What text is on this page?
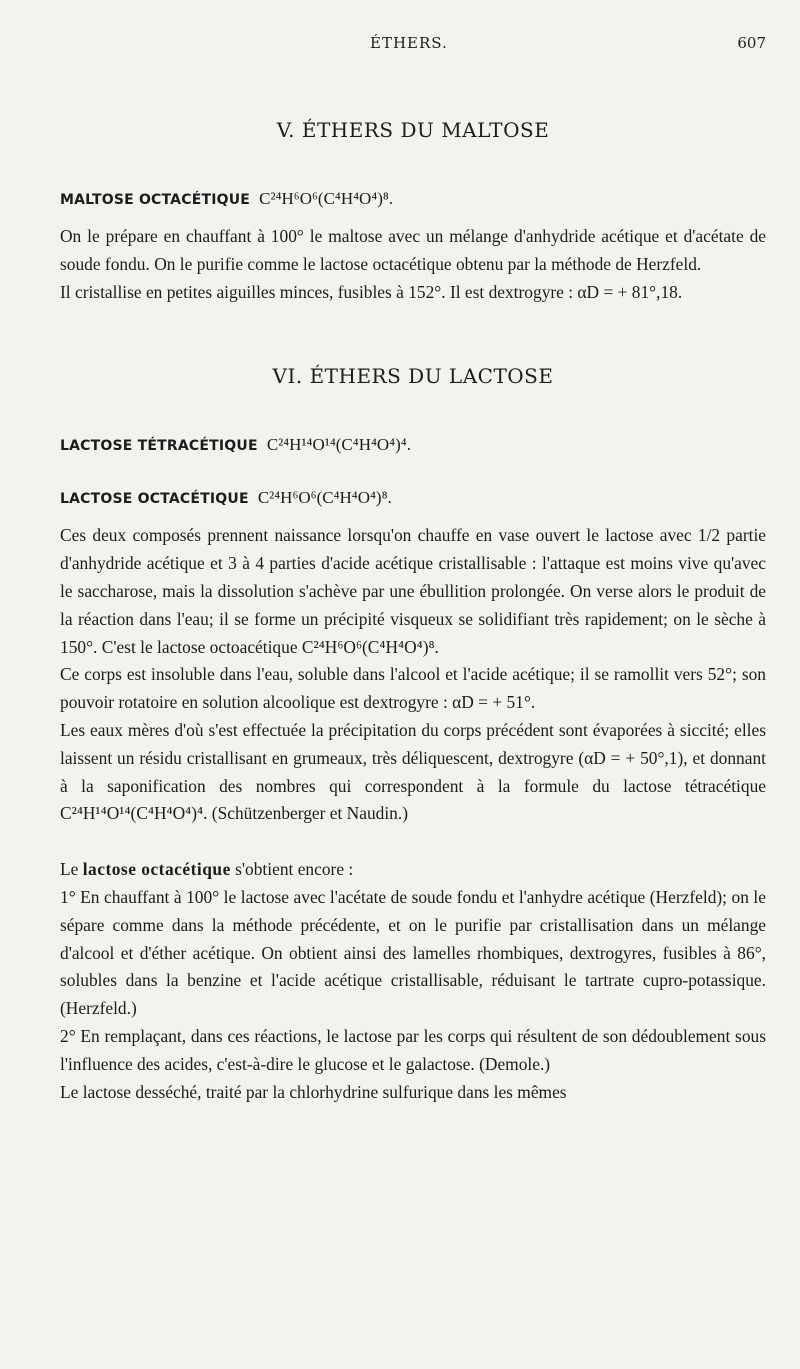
ÉTHERS.	607
V. ÉTHERS DU MALTOSE

MALTOSE OCTACÉTIQUE C²⁴H⁶O⁶(C⁴H⁴O⁴)⁸.

On le prépare en chauffant à 100° le maltose avec un mélange d'anhydride acétique et d'acétate de soude fondu. On le purifie comme le lactose octacétique obtenu par la méthode de Herzfeld.

Il cristallise en petites aiguilles minces, fusibles à 152°. Il est dextrogyre : αD = + 81°,18.

VI. ÉTHERS DU LACTOSE

LACTOSE TÉTRACÉTIQUE C²⁴H¹⁴O¹⁴(C⁴H⁴O⁴)⁴.

LACTOSE OCTACÉTIQUE C²⁴H⁶O⁶(C⁴H⁴O⁴)⁸.

Ces deux composés prennent naissance lorsqu'on chauffe en vase ouvert le lactose avec 1/2 partie d'anhydride acétique et 3 à 4 parties d'acide acétique cristallisable : l'attaque est moins vive qu'avec le saccharose, mais la dissolution s'achève par une ébullition prolongée. On verse alors le produit de la réaction dans l'eau; il se forme un précipité visqueux se solidifiant très rapidement; on le sèche à 150°. C'est le lactose octoacétique C²⁴H⁶O⁶(C⁴H⁴O⁴)⁸.

Ce corps est insoluble dans l'eau, soluble dans l'alcool et l'acide acétique; il se ramollit vers 52°; son pouvoir rotatoire en solution alcoolique est dextrogyre : αD = + 51°.

Les eaux mères d'où s'est effectuée la précipitation du corps précédent sont évaporées à siccité; elles laissent un résidu cristallisant en grumeaux, très déliquescent, dextrogyre (αD = + 50°,1), et donnant à la saponification des nombres qui correspondent à la formule du lactose tétracétique C²⁴H¹⁴O¹⁴(C⁴H⁴O⁴)⁴. (Schützenberger et Naudin.)

Le lactose octacétique s'obtient encore :

1° En chauffant à 100° le lactose avec l'acétate de soude fondu et l'anhydre acétique (Herzfeld); on le sépare comme dans la méthode précédente, et on le purifie par cristallisation dans un mélange d'alcool et d'éther acétique. On obtient ainsi des lamelles rhombiques, dextrogyres, fusibles à 86°, solubles dans la benzine et l'acide acétique cristallisable, réduisant le tartrate cupro-potassique. (Herzfeld.)

2° En remplaçant, dans ces réactions, le lactose par les corps qui résultent de son dédoublement sous l'influence des acides, c'est-à-dire le glucose et le galactose. (Demole.)

Le lactose desséché, traité par la chlorhydrine sulfurique dans les mêmes
